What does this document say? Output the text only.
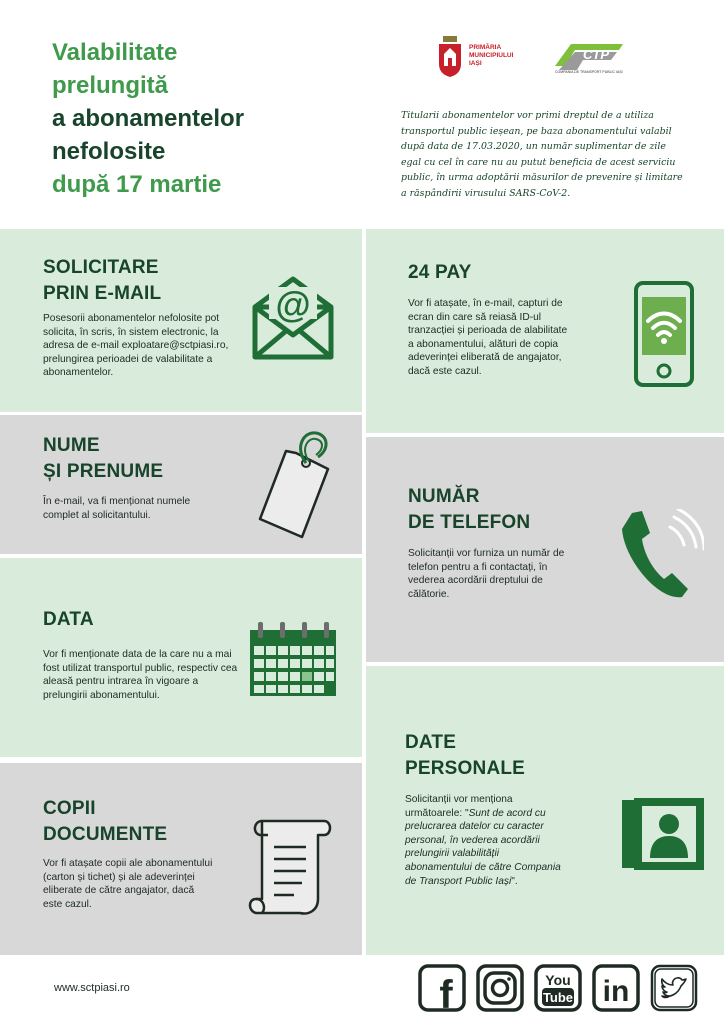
Valabilitate
prelungită
a abonamentelor
nefolosite
după 17 martie
PRIMĂRIA
MUNICIPIULUI
IAȘI
CTP
COMPANIA DE TRANSPORT PUBLIC IAȘI
Titularii abonamentelor vor primi dreptul de a utiliza transportul public ieșean, pe baza abonamentului valabil după data de 17.03.2020, un număr suplimentar de zile egal cu cel în care nu au putut beneficia de acest serviciu public, în urma adoptării măsurilor de prevenire și limitare a răspândirii virusului SARS-CoV-2.
SOLICITARE
PRIN E-MAIL
Posesorii abonamentelor nefolosite pot solicita, în scris, în sistem electronic, la adresa de e-mail exploatare@sctpiasi.ro, prelungirea perioadei de valabilitate a abonamentelor.
@
NUME
ȘI PRENUME
În e-mail, va fi menționat numele complet al solicitantului.
DATA
Vor fi menționate data de la care nu a mai fost utilizat transportul public, respectiv cea aleasă pentru intrarea în vigoare a prelungirii abonamentului.
COPII
DOCUMENTE
Vor fi atașate copii ale abonamentului (carton și tichet) și ale adeverinței eliberate de către angajator, dacă este cazul.
24 PAY
Vor fi atașate, în e-mail, capturi de ecran din care să reiasă ID-ul tranzacției și perioada de alabilitate a abonamentului, alături de copia adeverinței eliberată de angajator, dacă este cazul.
NUMĂR
DE TELEFON
Solicitanții vor furniza un număr de telefon pentru a fi contactați, în vederea acordării dreptului de călătorie.
DATE
PERSONALE
Solicitanții vor menționa următoarele: "Sunt de acord cu prelucrarea datelor cu caracter personal, în vederea acordării prelungirii valabilității abonamentului de către Compania de Transport Public Iași".
www.sctpiasi.ro	f	You
Tube in
